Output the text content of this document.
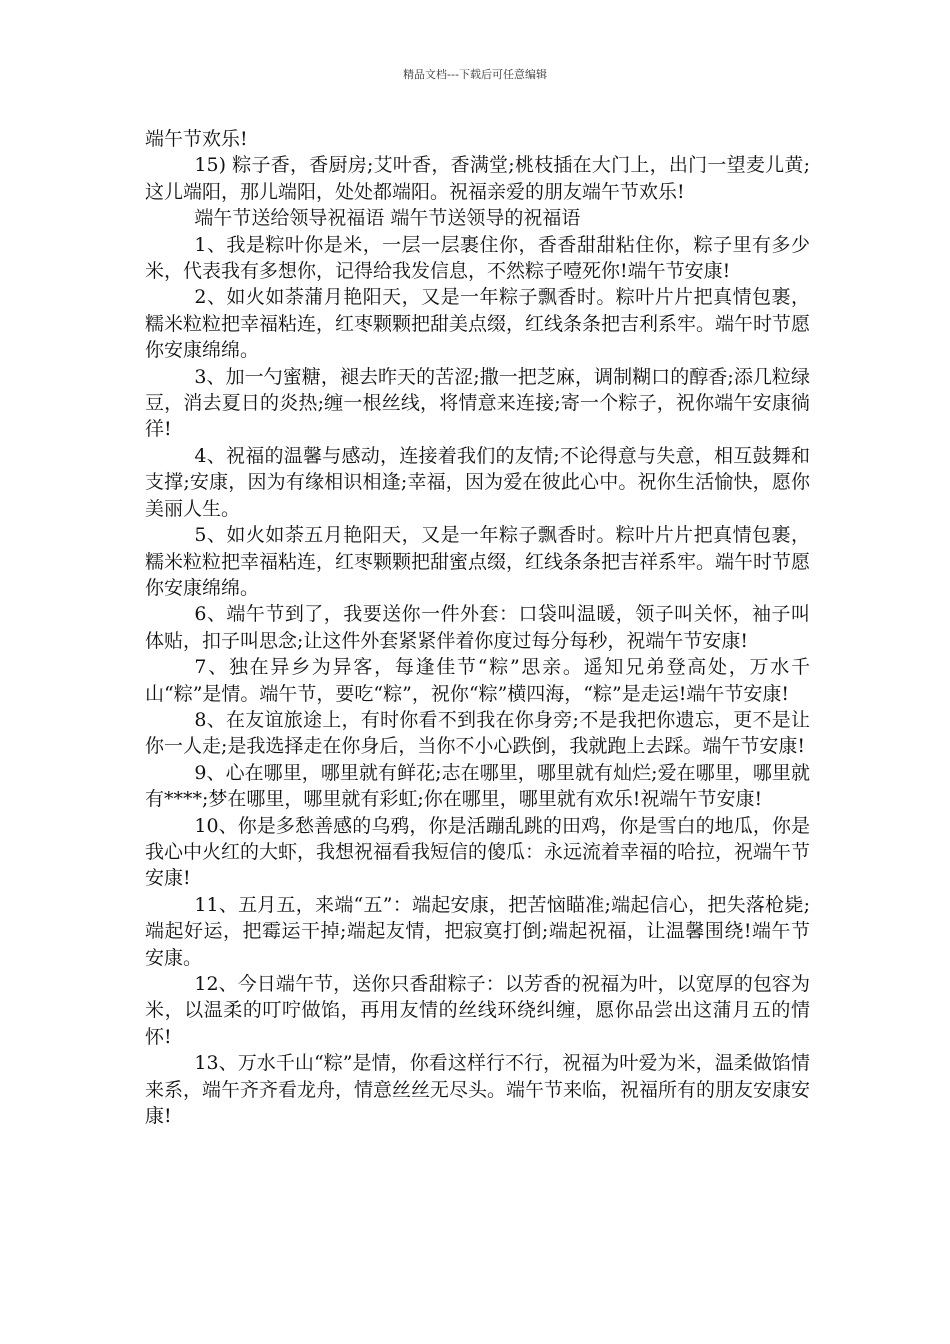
精品文档---下载后可任意编辑

端午节欢乐!

15) 粽子香，香厨房;艾叶香，香满堂;桃枝插在大门上，出门一望麦儿黄;这儿端阳，那儿端阳，处处都端阳。祝福亲爱的朋友端午节欢乐!

端午节送给领导祝福语 端午节送领导的祝福语

1、我是粽叶你是米，一层一层裹住你，香香甜甜粘住你，粽子里有多少米，代表我有多想你，记得给我发信息，不然粽子噎死你!端午节安康!

2、如火如荼蒲月艳阳天，又是一年粽子飘香时。粽叶片片把真情包裹，糯米粒粒把幸福粘连，红枣颗颗把甜美点缀，红线条条把吉利系牢。端午时节愿你安康绵绵。

3、加一勺蜜糖，褪去昨天的苦涩;撒一把芝麻，调制糊口的醇香;添几粒绿豆，消去夏日的炎热;缠一根丝线，将情意来连接;寄一个粽子，祝你端午安康徜徉!

4、祝福的温馨与感动，连接着我们的友情;不论得意与失意，相互鼓舞和支撑;安康，因为有缘相识相逢;幸福，因为爱在彼此心中。祝你生活愉快，愿你美丽人生。

5、如火如荼五月艳阳天，又是一年粽子飘香时。粽叶片片把真情包裹，糯米粒粒把幸福粘连，红枣颗颗把甜蜜点缀，红线条条把吉祥系牢。端午时节愿你安康绵绵。

6、端午节到了，我要送你一件外套：口袋叫温暖，领子叫关怀，袖子叫体贴，扣子叫思念;让这件外套紧紧伴着你度过每分每秒，祝端午节安康!

7、独在异乡为异客，每逢佳节“粽”思亲。遥知兄弟登高处，万水千山“粽”是情。端午节，要吃“粽”，祝你“粽”横四海，“粽”是走运!端午节安康!

8、在友谊旅途上，有时你看不到我在你身旁;不是我把你遗忘，更不是让你一人走;是我选择走在你身后，当你不小心跌倒，我就跑上去踩。端午节安康!

9、心在哪里，哪里就有鲜花;志在哪里，哪里就有灿烂;爱在哪里，哪里就有****;梦在哪里，哪里就有彩虹;你在哪里，哪里就有欢乐!祝端午节安康!

10、你是多愁善感的乌鸦，你是活蹦乱跳的田鸡，你是雪白的地瓜，你是我心中火红的大虾，我想祝福看我短信的傻瓜：永远流着幸福的哈拉，祝端午节安康!

11、五月五，来端“五”：端起安康，把苦恼瞄准;端起信心，把失落枪毙;端起好运，把霉运干掉;端起友情，把寂寞打倒;端起祝福，让温馨围绕!端午节安康。

12、今日端午节，送你只香甜粽子：以芳香的祝福为叶，以宽厚的包容为米，以温柔的叮咛做馅，再用友情的丝线环绕纠缠，愿你品尝出这蒲月五的情怀!

13、万水千山“粽”是情，你看这样行不行，祝福为叶爱为米，温柔做馅情来系，端午齐齐看龙舟，情意丝丝无尽头。端午节来临，祝福所有的朋友安康安康!
